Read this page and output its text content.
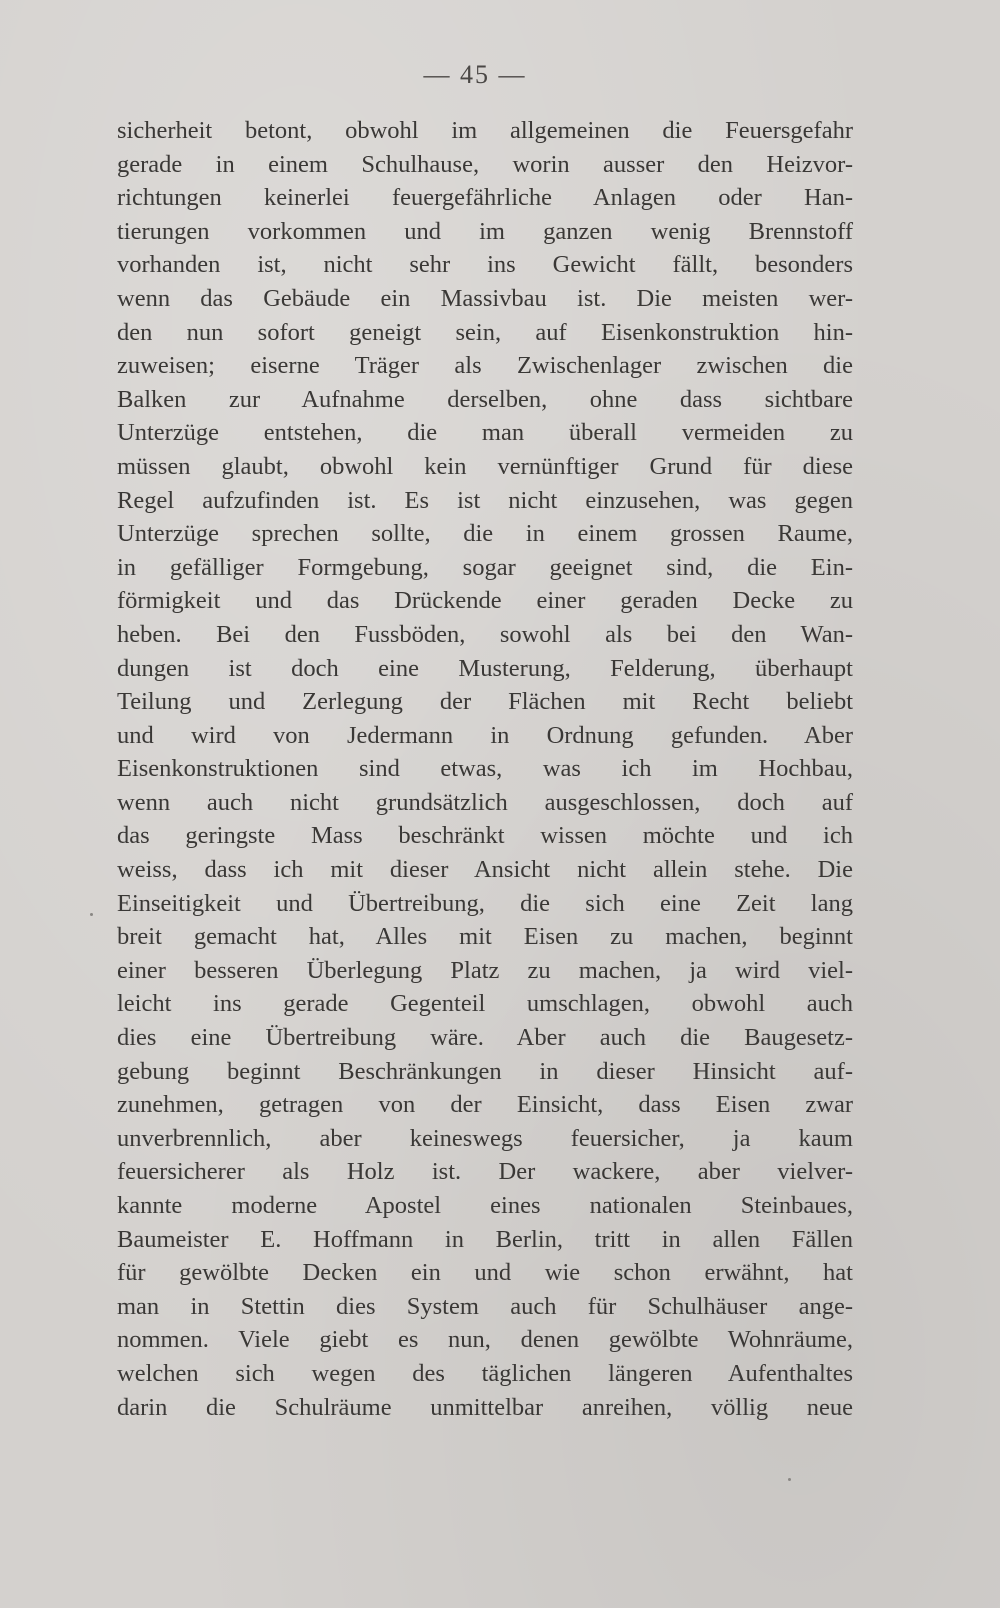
— 45 —
sicherheit betont, obwohl im allgemeinen die Feuersgefahr
gerade in einem Schulhause, worin ausser den Heizvor-
richtungen keinerlei feuergefährliche Anlagen oder Han-
tierungen vorkommen und im ganzen wenig Brennstoff
vorhanden ist, nicht sehr ins Gewicht fällt, besonders
wenn das Gebäude ein Massivbau ist. Die meisten wer-
den nun sofort geneigt sein, auf Eisenkonstruktion hin-
zuweisen; eiserne Träger als Zwischenlager zwischen die
Balken zur Aufnahme derselben, ohne dass sichtbare
Unterzüge entstehen, die man überall vermeiden zu
müssen glaubt, obwohl kein vernünftiger Grund für diese
Regel aufzufinden ist. Es ist nicht einzusehen, was gegen
Unterzüge sprechen sollte, die in einem grossen Raume,
in gefälliger Formgebung, sogar geeignet sind, die Ein-
förmigkeit und das Drückende einer geraden Decke zu
heben. Bei den Fussböden, sowohl als bei den Wan-
dungen ist doch eine Musterung, Felderung, überhaupt
Teilung und Zerlegung der Flächen mit Recht beliebt
und wird von Jedermann in Ordnung gefunden. Aber
Eisenkonstruktionen sind etwas, was ich im Hochbau,
wenn auch nicht grundsätzlich ausgeschlossen, doch auf
das geringste Mass beschränkt wissen möchte und ich
weiss, dass ich mit dieser Ansicht nicht allein stehe. Die
Einseitigkeit und Übertreibung, die sich eine Zeit lang
breit gemacht hat, Alles mit Eisen zu machen, beginnt
einer besseren Überlegung Platz zu machen, ja wird viel-
leicht ins gerade Gegenteil umschlagen, obwohl auch
dies eine Übertreibung wäre. Aber auch die Baugesetz-
gebung beginnt Beschränkungen in dieser Hinsicht auf-
zunehmen, getragen von der Einsicht, dass Eisen zwar
unverbrennlich, aber keineswegs feuersicher, ja kaum
feuersicherer als Holz ist. Der wackere, aber vielver-
kannte moderne Apostel eines nationalen Steinbaues,
Baumeister E. Hoffmann in Berlin, tritt in allen Fällen
für gewölbte Decken ein und wie schon erwähnt, hat
man in Stettin dies System auch für Schulhäuser ange-
nommen. Viele giebt es nun, denen gewölbte Wohnräume,
welchen sich wegen des täglichen längeren Aufenthaltes
darin die Schulräume unmittelbar anreihen, völlig neue
